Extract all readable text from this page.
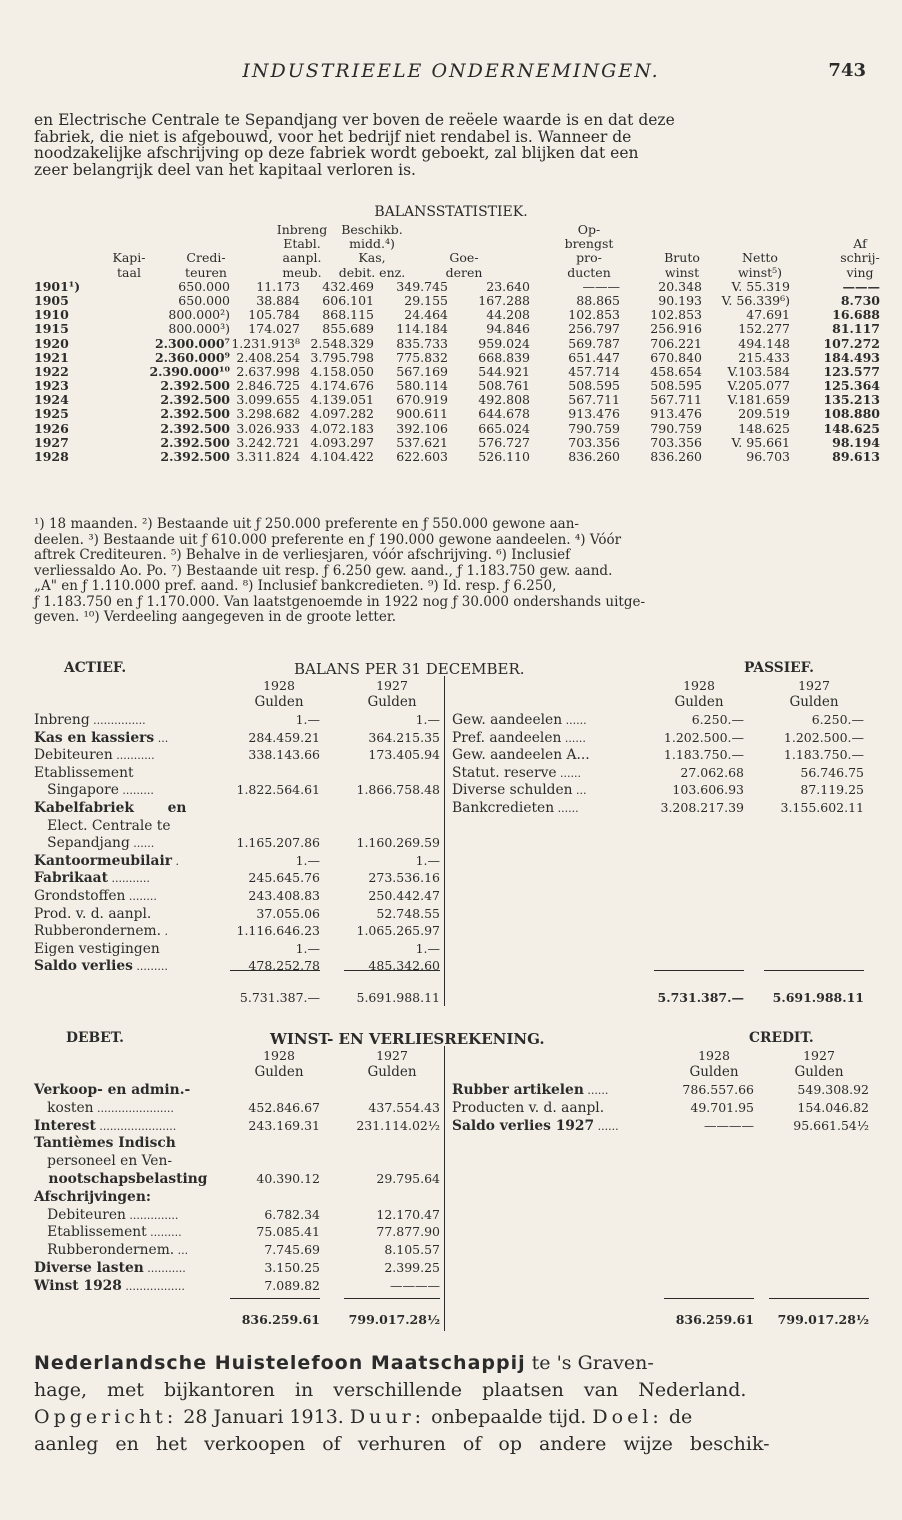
INDUSTRIEELE ONDERNEMINGEN.	743
en Electrische Centrale te Sepandjang ver boven de reëele waarde is en dat deze
fabriek, die niet is afgebouwd, voor het bedrijf niet rendabel is. Wanneer de
noodzakelijke afschrijving op deze fabriek wordt geboekt, zal blijken dat een
zeer belangrijk deel van het kapitaal verloren is.
BALANSSTATISTIEK.
Inbreng	Beschikb.	Op-
Etabl.	midd.⁴)	brengst	Af
Kapi-	Credi-	aanpl.	Kas,	Goe-	pro-	Bruto	Netto	schrij-
taal	teuren	meub.	debit. enz.	deren	ducten	winst	winst⁵)	ving
1901¹)	650.000	11.173	432.469	349.745	23.640	———	20.348	V. 55.319	———
1905	650.000	38.884	606.101	29.155	167.288	88.865	90.193	V. 56.339⁶)	8.730
1910	800.000²)	105.784	868.115	24.464	44.208	102.853	102.853	47.691	16.688
1915	800.000³)	174.027	855.689	114.184	94.846	256.797	256.916	152.277	81.117
1920	2.300.000⁷ 1.231.913⁸ 2.548.329	835.733	959.024	569.787	706.221	494.148	107.272
1921	2.360.000⁹ 2.408.254 3.795.798	775.832	668.839	651.447	670.840	215.433	184.493
1922	2.390.000¹⁰ 2.637.998 4.158.050	567.169	544.921	457.714	458.654	V.103.584	123.577
1923	2.392.500 2.846.725 4.174.676	580.114	508.761	508.595	508.595	V.205.077	125.364
1924	2.392.500 3.099.655 4.139.051	670.919	492.808	567.711	567.711	V.181.659	135.213
1925	2.392.500 3.298.682 4.097.282	900.611	644.678	913.476	913.476	209.519	108.880
1926	2.392.500 3.026.933 4.072.183	392.106	665.024	790.759	790.759	148.625	148.625
1927	2.392.500 3.242.721 4.093.297	537.621	576.727	703.356	703.356	V. 95.661	98.194
1928	2.392.500 3.311.824 4.104.422	622.603	526.110	836.260	836.260	96.703	89.613
¹) 18 maanden. ²) Bestaande uit ƒ 250.000 preferente en ƒ 550.000 gewone aan-
deelen. ³) Bestaande uit ƒ 610.000 preferente en ƒ 190.000 gewone aandeelen. ⁴) Vóór
aftrek Crediteuren. ⁵) Behalve in de verliesjaren, vóór afschrijving. ⁶) Inclusief
verliessaldo Ao. Po. ⁷) Bestaande uit resp. ƒ 6.250 gew. aand., ƒ 1.183.750 gew. aand.
„A" en ƒ 1.110.000 pref. aand. ⁸) Inclusief bankcredieten. ⁹) Id. resp. ƒ 6.250,
ƒ 1.183.750 en ƒ 1.170.000. Van laatstgenoemde in 1922 nog ƒ 30.000 ondershands uitge-
geven. ¹⁰) Verdeeling aangegeven in de groote letter.
ACTIEF.	BALANS PER 31 DECEMBER.	PASSIEF.
1928	1927
Gulden	Gulden
1928	1927
Gulden	Gulden
Inbreng ...............	1.—	1.—
Kas en kassiers ...	284.459.21	364.215.35
Debiteuren ...........	338.143.66	173.405.94
Etablissement
Singapore .........	1.822.564.61	1.866.758.48
Kabelfabriek       en
Elect. Centrale te
Sepandjang ......	1.165.207.86	1.160.269.59
Kantoormeubilair .	1.—	1.—
Fabrikaat ...........	245.645.76	273.536.16
Grondstoffen ........	243.408.83	250.442.47
Prod. v. d. aanpl.	37.055.06	52.748.55
Rubberondernem. .	1.116.646.23	1.065.265.97
Eigen vestigingen	1.—	1.—
Saldo verlies .........	478.252.78	485.342.60
Gew. aandeelen ......	6.250.—	6.250.—
Pref. aandeelen ......	1.202.500.—	1.202.500.—
Gew. aandeelen A...	1.183.750.—	1.183.750.—
Statut. reserve ......	27.062.68	56.746.75
Diverse schulden ...	103.606.93	87.119.25
Bankcredieten ......	3.208.217.39	3.155.602.11
5.731.387.—	5.691.988.11	5.731.387.—	5.691.988.11
DEBET.	WINST- EN VERLIESREKENING.	CREDIT.
1928	1927
Gulden	Gulden
1928	1927
Gulden	Gulden
Verkoop- en admin.-
kosten ......................	452.846.67	437.554.43
Interest ......................	243.169.31	231.114.02½
Tantièmes Indisch
personeel en Ven-
nootschapsbelasting	40.390.12	29.795.64
Afschrijvingen:
Debiteuren ..............	6.782.34	12.170.47
Etablissement .........	75.085.41	77.877.90
Rubberondernem. ...	7.745.69	8.105.57
Diverse lasten ...........	3.150.25	2.399.25
Winst 1928 .................	7.089.82	————
Rubber artikelen ......	786.557.66	549.308.92
Producten v. d. aanpl.	49.701.95	154.046.82
Saldo verlies 1927 ......	————	95.661.54½
836.259.61	799.017.28½	836.259.61	799.017.28½
Nederlandsche Huistelefoon Maatschappij te 's Graven-
hage, met bijkantoren in verschillende plaatsen van Nederland.
Opgericht: 28 Januari 1913. Duur: onbepaalde tijd. Doel: de
aanleg en het verkoopen of verhuren of op andere wijze beschik-
